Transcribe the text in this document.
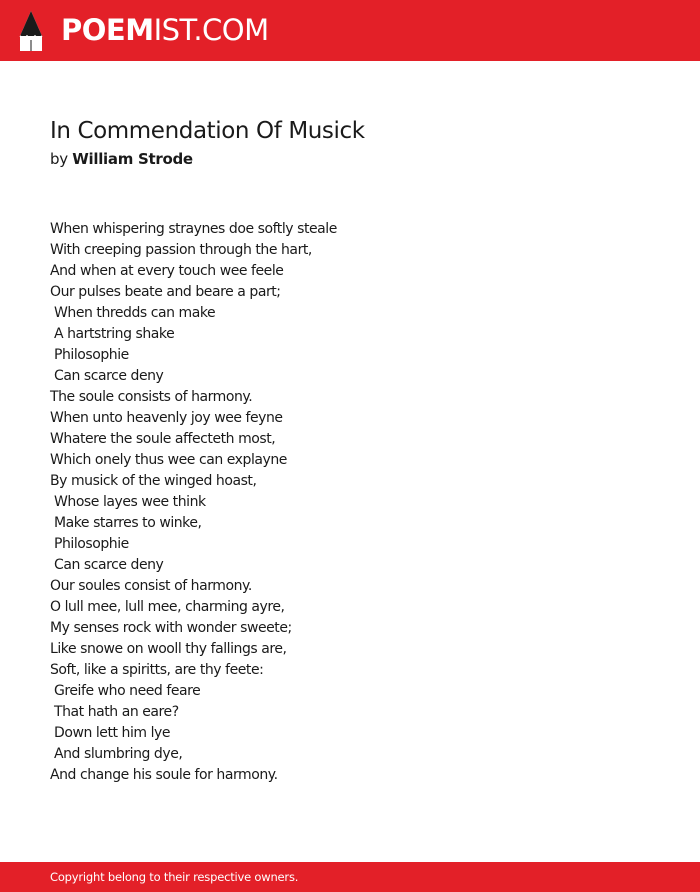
POEMIST.COM
In Commendation Of Musick
by William Strode
When whispering straynes doe softly steale
With creeping passion through the hart,
And when at every touch wee feele
Our pulses beate and beare a part;
When thredds can make
A hartstring shake
Philosophie
Can scarce deny
The soule consists of harmony.
When unto heavenly joy wee feyne
Whatere the soule affecteth most,
Which onely thus wee can explayne
By musick of the winged hoast,
Whose layes wee think
Make starres to winke,
Philosophie
Can scarce deny
Our soules consist of harmony.
O lull mee, lull mee, charming ayre,
My senses rock with wonder sweete;
Like snowe on wooll thy fallings are,
Soft, like a spiritts, are thy feete:
Greife who need feare
That hath an eare?
Down lett him lye
And slumbring dye,
And change his soule for harmony.
Copyright belong to their respective owners.
